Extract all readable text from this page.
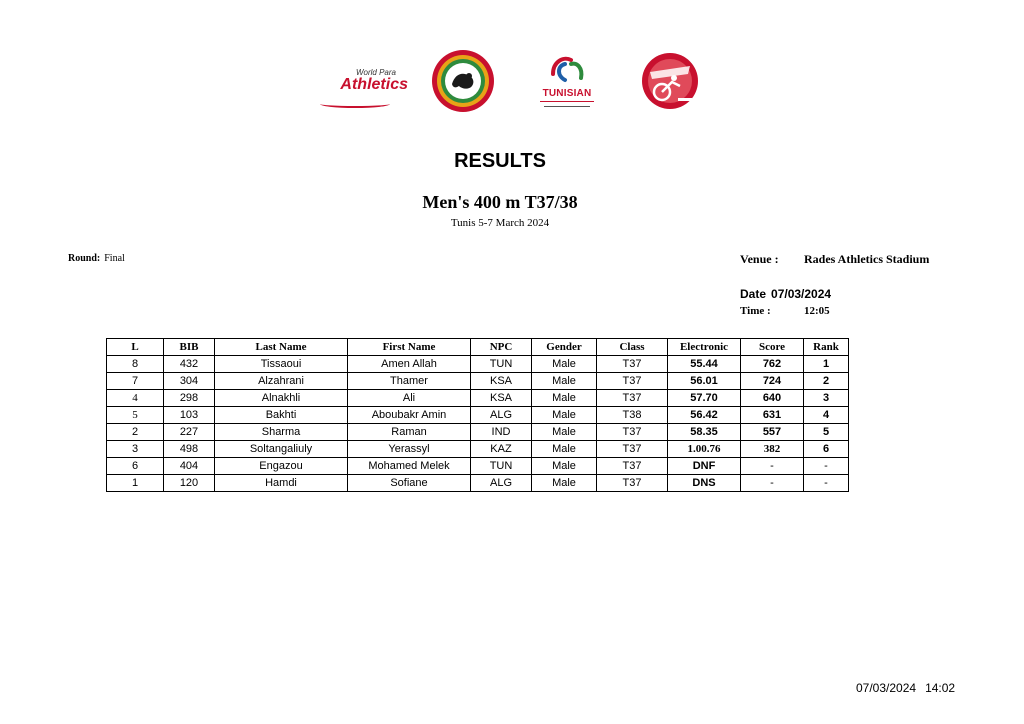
World Para
Athletics
TUNISIAN
RESULTS
Men's 400 m T37/38
Tunis 5-7 March 2024
Round: Final	Venue : Rades Athletics Stadium
Date 07/03/2024
Time :	12:05
L	BIB	Last Name	First Name	NPC	Gender	Class	Electronic	Score	Rank
8	432	Tissaoui	Amen Allah	TUN	Male	T37	55.44	762	1
7	304	Alzahrani	Thamer	KSA	Male	T37	56.01	724	2
4	298	Alnakhli	Ali	KSA	Male	T37	57.70	640	3
5	103	Bakhti	Aboubakr Amin	ALG	Male	T38	56.42	631	4
2	227	Sharma	Raman	IND	Male	T37	58.35	557	5
3	498	Soltangaliuly	Yerassyl	KAZ	Male	T37	1.00.76	382	6
6	404	Engazou	Mohamed Melek	TUN	Male	T37	DNF	-	-
1	120	Hamdi	Sofiane	ALG	Male	T37	DNS	-	-
07/03/2024 14:02
